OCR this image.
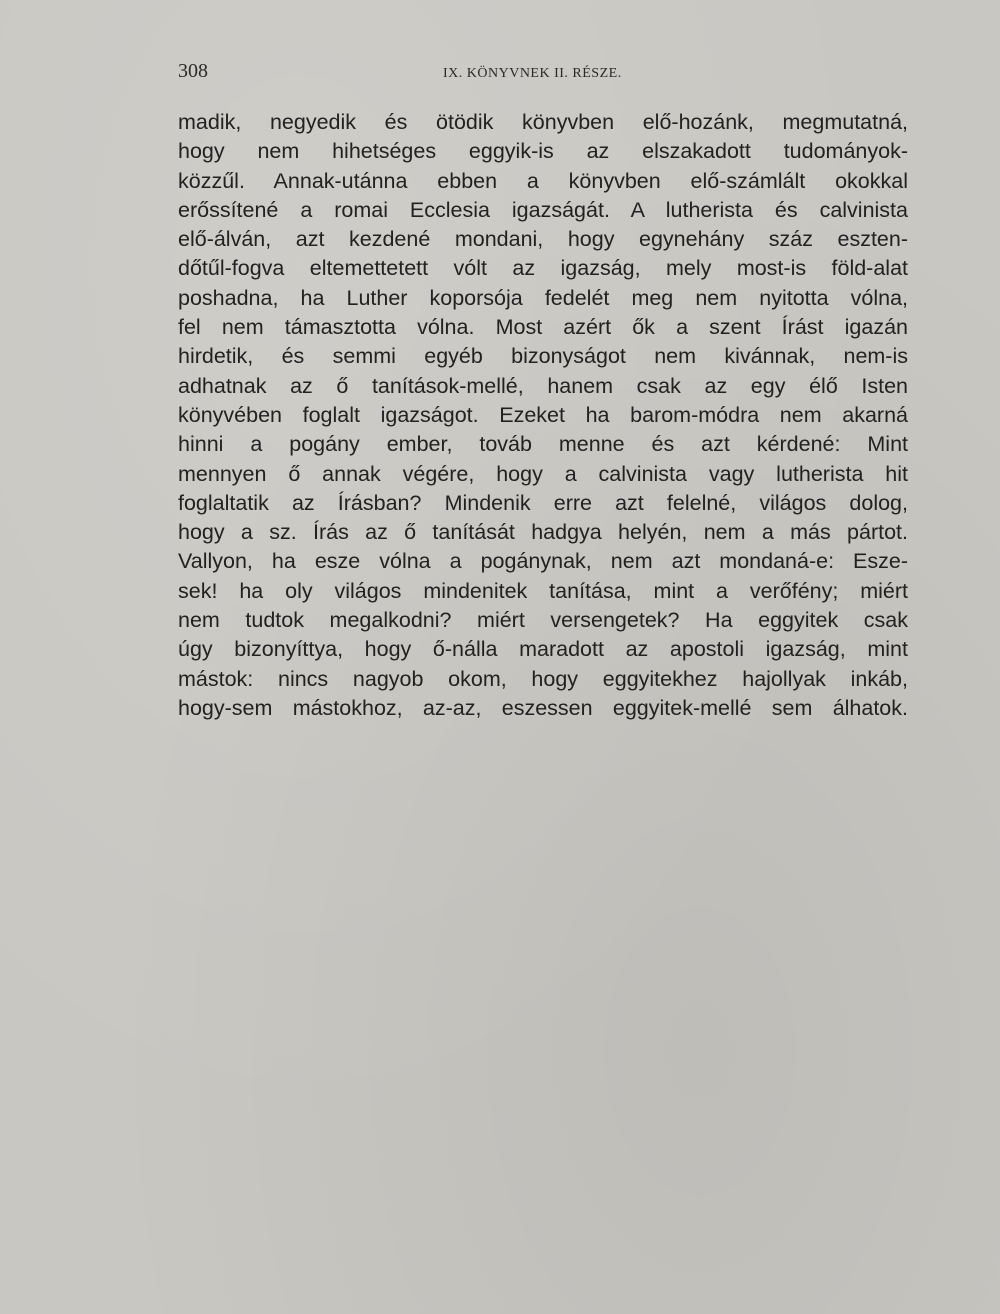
308	IX. KÖNYVNEK II. RÉSZE.

madik, negyedik és ötödik könyvben elő-hozánk, megmutatná,
hogy nem hihetséges eggyik-is az elszakadott tudományok-
közzűl. Annak-utánna ebben a könyvben elő-számlált okokkal
erőssítené a romai Ecclesia igazságát. A lutherista és calvinista
elő-álván, azt kezdené mondani, hogy egynehány száz eszten-
dőtűl-fogva eltemettetett vólt az igazság, mely most-is föld-alat
poshadna, ha Luther koporsója fedelét meg nem nyitotta vólna,
fel nem támasztotta vólna. Most azért ők a szent Írást igazán
hirdetik, és semmi egyéb bizonyságot nem kivánnak, nem-is
adhatnak az ő tanítások-mellé, hanem csak az egy élő Isten
könyvében foglalt igazságot. Ezeket ha barom-módra nem akarná
hinni a pogány ember, továb menne és azt kérdené: Mint
mennyen ő annak végére, hogy a calvinista vagy lutherista hit
foglaltatik az Írásban? Mindenik erre azt felelné, világos dolog,
hogy a sz. Írás az ő tanítását hadgya helyén, nem a más pártot.
Vallyon, ha esze vólna a pogánynak, nem azt mondaná-e: Esze-
sek! ha oly világos mindenitek tanítása, mint a verőfény; miért
nem tudtok megalkodni? miért versengetek? Ha eggyitek csak
úgy bizonyíttya, hogy ő-nálla maradott az apostoli igazság, mint
mástok: nincs nagyob okom, hogy eggyitekhez hajollyak inkáb,
hogy-sem mástokhoz, az-az, eszessen eggyitek-mellé sem álhatok.
